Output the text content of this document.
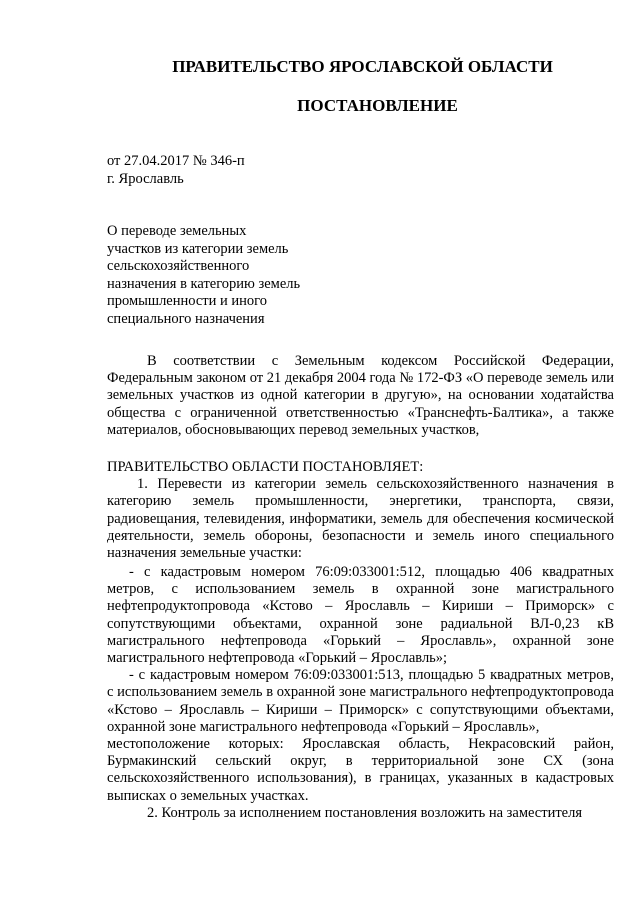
ПРАВИТЕЛЬСТВО ЯРОСЛАВСКОЙ ОБЛАСТИ
ПОСТАНОВЛЕНИЕ
от 27.04.2017 № 346-п
г. Ярославль
О переводе земельных
участков из категории земель
сельскохозяйственного
назначения в категорию земель
промышленности и иного
специального назначения

В соответствии с Земельным кодексом Российской Федерации, Федеральным законом от 21 декабря 2004 года № 172-ФЗ «О переводе земель или земельных участков из одной категории в другую», на основании ходатайства общества с ограниченной ответственностью «Транснефть-Балтика», а также материалов, обосновывающих перевод земельных участков,

ПРАВИТЕЛЬСТВО ОБЛАСТИ ПОСТАНОВЛЯЕТ:

1. Перевести из категории земель сельскохозяйственного назначения в категорию земель промышленности, энергетики, транспорта, связи, радиовещания, телевидения, информатики, земель для обеспечения космической деятельности, земель обороны, безопасности и земель иного специального назначения земельные участки:

- с кадастровым номером 76:09:033001:512, площадью 406 квадратных метров, с использованием земель в охранной зоне магистрального нефтепродуктопровода «Кстово – Ярославль – Кириши – Приморск» с сопутствующими объектами, охранной зоне радиальной ВЛ-0,23 кВ магистрального нефтепровода «Горький – Ярославль», охранной зоне магистрального нефтепровода «Горький – Ярославль»;

- с кадастровым номером 76:09:033001:513, площадью 5 квадратных метров, с использованием земель в охранной зоне магистрального нефтепродуктопровода «Кстово – Ярославль – Кириши – Приморск» с сопутствующими объектами, охранной зоне магистрального нефтепровода «Горький – Ярославль»,

местоположение которых: Ярославская область, Некрасовский район, Бурмакинский сельский округ, в территориальной зоне СХ (зона сельскохозяйственного использования), в границах, указанных в кадастровых выписках о земельных участках.

2. Контроль за исполнением постановления возложить на заместителя
